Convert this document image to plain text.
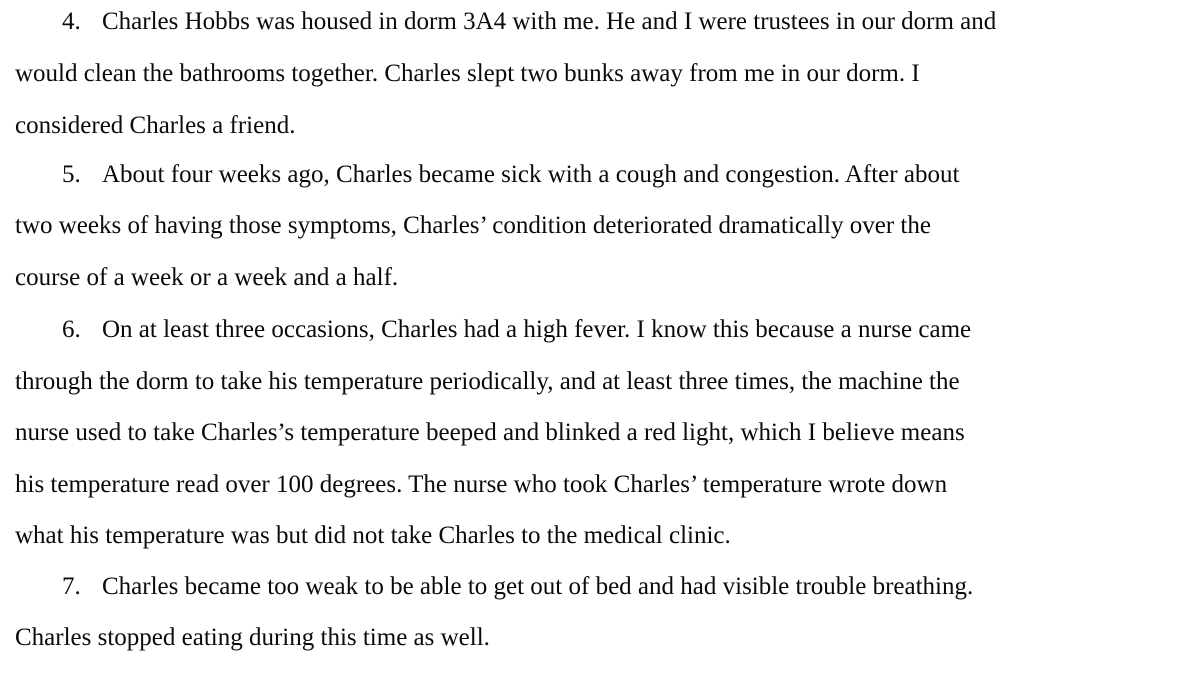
4. Charles Hobbs was housed in dorm 3A4 with me. He and I were trustees in our dorm and
would clean the bathrooms together. Charles slept two bunks away from me in our dorm. I
considered Charles a friend.
5. About four weeks ago, Charles became sick with a cough and congestion. After about
two weeks of having those symptoms, Charles’ condition deteriorated dramatically over the
course of a week or a week and a half.
6. On at least three occasions, Charles had a high fever. I know this because a nurse came
through the dorm to take his temperature periodically, and at least three times, the machine the
nurse used to take Charles’s temperature beeped and blinked a red light, which I believe means
his temperature read over 100 degrees. The nurse who took Charles’ temperature wrote down
what his temperature was but did not take Charles to the medical clinic.
7. Charles became too weak to be able to get out of bed and had visible trouble breathing.
Charles stopped eating during this time as well.
